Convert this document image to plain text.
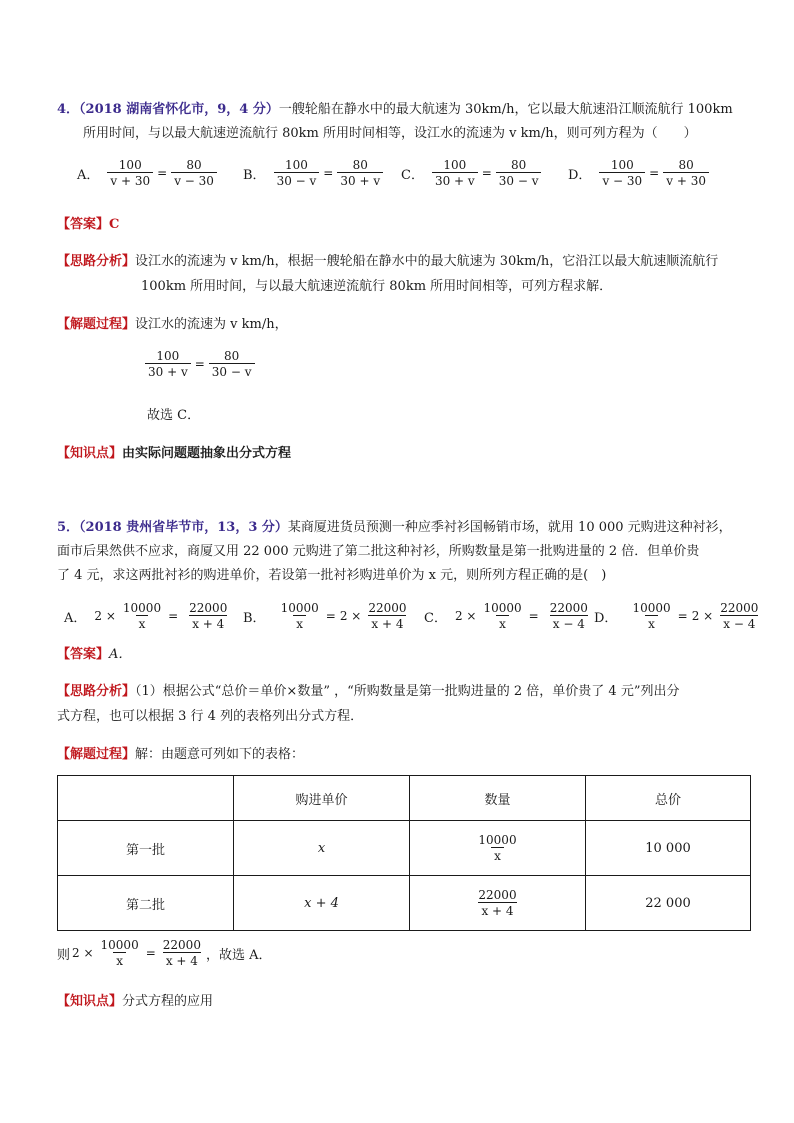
4．（2018 湖南省怀化市，9，4 分）一艘轮船在静水中的最大航速为 30km/h，它以最大航速沿江顺流航行 100km
所用时间，与以最大航速逆流航行 80km 所用时间相等，设江水的流速为 v km/h，则可列方程为（　　）
A． $\frac{100}{v + 30} = \frac{80}{v - 30}$ B． $\frac{100}{30 - v} = \frac{80}{30 + v}$ C． $\frac{100}{30 + v} = \frac{80}{30 - v}$ D． $\frac{100}{v - 30} = \frac{80}{v + 30}$
【答案】C
【思路分析】设江水的流速为 v km/h，根据一艘轮船在静水中的最大航速为 30km/h，它沿江以最大航速顺流航行
100km 所用时间，与以最大航速逆流航行 80km 所用时间相等，可列方程求解．
【解题过程】设江水的流速为 v km/h，
$\frac{100}{30 + v} = \frac{80}{30 - v}$
故选 C．
【知识点】由实际问题题抽象出分式方程
5．（2018 贵州省毕节市，13，3 分）某商厦进货员预测一种应季衬衫国畅销市场，就用 10 000 元购进这种衬衫，
面市后果然供不应求，商厦又用 22 000 元购进了第二批这种衬衫，所购数量是第一批购进量的 2 倍．但单价贵
了 4 元，求这两批衬衫的购进单价，若设第一批衬衫购进单价为 x 元，则所列方程正确的是(　)
A． $2 \times \frac{10000}{x} = \frac{22000}{x + 4}$ B． $\frac{10000}{x} = 2 \times \frac{22000}{x + 4}$ C． $2 \times \frac{10000}{x} = \frac{22000}{x - 4}$ D． $\frac{10000}{x} = 2 \times \frac{22000}{x - 4}$
【答案】A．
【思路分析】（1）根据公式“总价＝单价×数量” ，“所购数量是第一批购进量的 2 倍，单价贵了 4 元”列出分
式方程，也可以根据 3 行 4 列的表格列出分式方程．
【解题过程】解：由题意可列如下的表格：
	购进单价	数量	总价
第一批	x	$\frac{10000}{x}$	10 000
第二批	x + 4	$\frac{22000}{x + 4}$	22 000
则 $2 \times \frac{10000}{x} = \frac{22000}{x + 4}$ ，故选 A．
【知识点】分式方程的应用
